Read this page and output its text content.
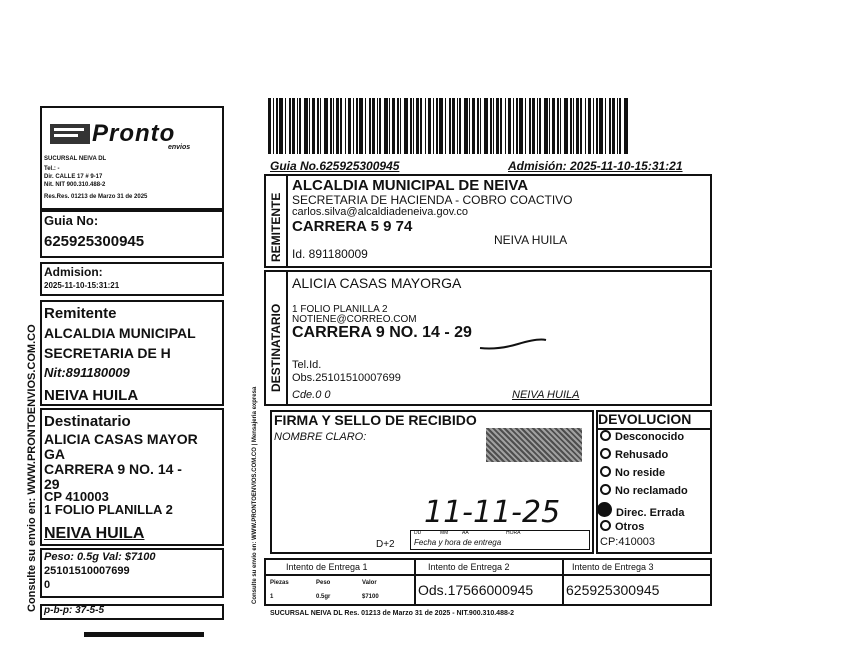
Pronto
envios
SUCURSAL NEIVA DL
Tel.: -
Dir. CALLE 17 # 9-17
Nit. NIT 900.310.488-2
Res.Res. 01213 de Marzo 31 de 2025
Guia No:
625925300945
Admision:
2025-11-10-15:31:21
Remitente
ALCALDIA MUNICIPAL
SECRETARIA DE H
Nit:891180009
NEIVA HUILA
Destinatario
ALICIA CASAS MAYOR
GA
CARRERA 9 NO. 14 -
29
CP 410003
1 FOLIO PLANILLA 2
NEIVA HUILA
Peso: 0.5g Val: $7100
25101510007699
0
p-b-p: 37-5-5
Consulte su envio en: WWW.PRONTOENVIOS.COM.CO
Guia No.625925300945	Admisión: 2025-11-10-15:31:21
REMITENTE
ALCALDIA MUNICIPAL DE NEIVA
SECRETARIA DE HACIENDA - COBRO COACTIVO
carlos.silva@alcaldiadeneiva.gov.co
CARRERA 5 9 74
NEIVA HUILA
Id. 891180009
DESTINATARIO
ALICIA CASAS MAYORGA
1 FOLIO PLANILLA 2
NOTIENE@CORREO.COM
CARRERA 9 NO. 14 - 29
Tel.Id.
Obs.25101510007699
Cde.0 0	NEIVA HUILA
Consulte su envio en: WWW.PRONTOENVIOS.COM.CO | Mensajeria expresa FIRMA Y SELLO DE RECIBIDO
NOMBRE CLARO:
11-11-25
D+2
DD	MM	AA	HORA
Fecha y hora de entrega
DEVOLUCION
Desconocido
Rehusado
No reside
No reclamado
Direc. Errada
Otros
CP:410003
Intento de Entrega 1	Intento de Entrega 2	Intento de Entrega 3
Piezas	Peso	Valor
1	0.5gr	$7100	Ods.17566000945 625925300945
SUCURSAL NEIVA DL Res. 01213 de Marzo 31 de 2025 - NIT.900.310.488-2
